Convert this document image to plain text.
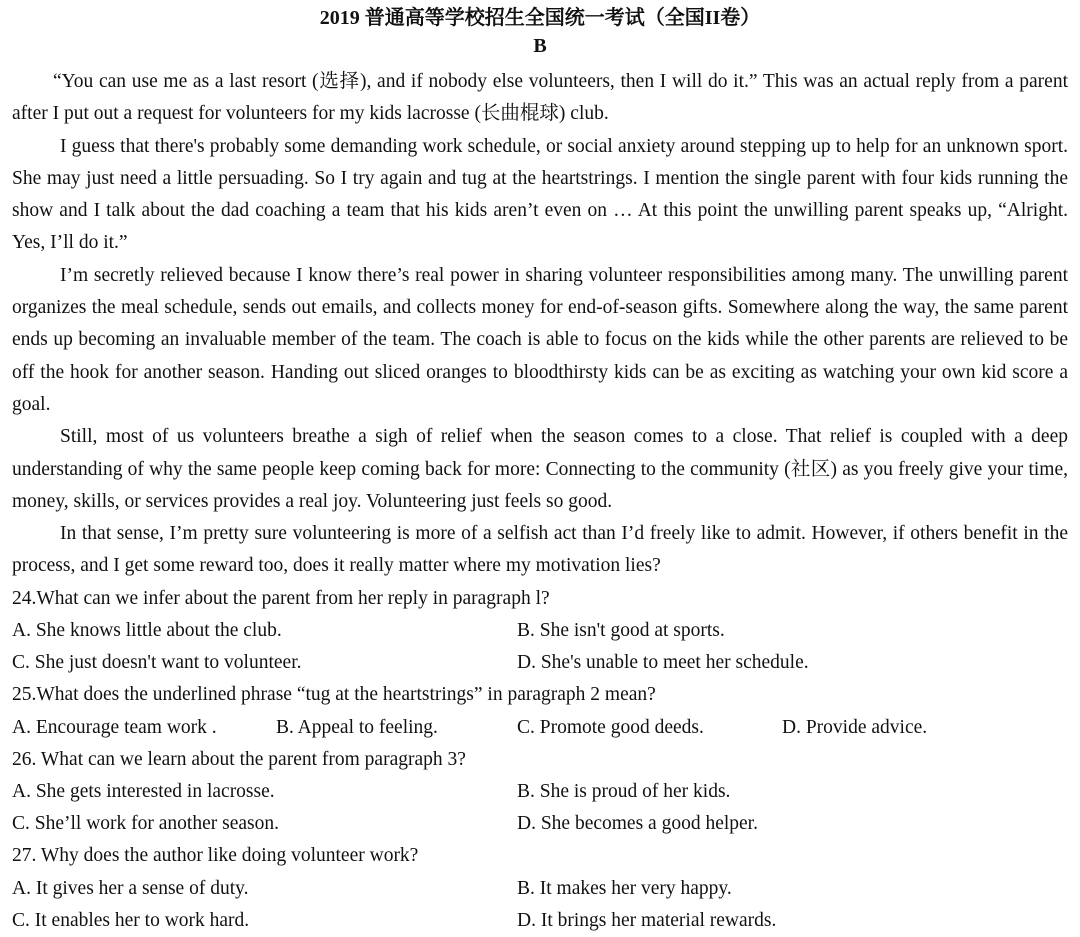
2019 普通高等学校招生全国统一考试（全国II卷）
B

“You can use me as a last resort (选择), and if nobody else volunteers, then I will do it.” This was an actual reply from a parent after I put out a request for volunteers for my kids lacrosse (长曲棍球) club.

I guess that there's probably some demanding work schedule, or social anxiety around stepping up to help for an unknown sport. She may just need a little persuading. So I try again and tug at the heartstrings. I mention the single parent with four kids running the show and I talk about the dad coaching a team that his kids aren’t even on … At this point the unwilling parent speaks up, “Alright. Yes, I’ll do it.”

I’m secretly relieved because I know there’s real power in sharing volunteer responsibilities among many. The unwilling parent organizes the meal schedule, sends out emails, and collects money for end-of-season gifts. Somewhere along the way, the same parent ends up becoming an invaluable member of the team. The coach is able to focus on the kids while the other parents are relieved to be off the hook for another season. Handing out sliced oranges to bloodthirsty kids can be as exciting as watching your own kid score a goal.

Still, most of us volunteers breathe a sigh of relief when the season comes to a close. That relief is coupled with a deep understanding of why the same people keep coming back for more: Connecting to the community (社区) as you freely give your time, money, skills, or services provides a real joy. Volunteering just feels so good.

In that sense, I’m pretty sure volunteering is more of a selfish act than I’d freely like to admit. However, if others benefit in the process, and I get some reward too, does it really matter where my motivation lies?

24.What can we infer about the parent from her reply in paragraph l?
A. She knows little about the club.	B. She isn't good at sports.
C. She just doesn't want to volunteer.	D. She's unable to meet her schedule.
25.What does the underlined phrase “tug at the heartstrings” in paragraph 2 mean?
A. Encourage team work .	B. Appeal to feeling.	C. Promote good deeds.	D. Provide advice.
26. What can we learn about the parent from paragraph 3?
A. She gets interested in lacrosse.	B. She is proud of her kids.
C. She’ll work for another season.	D. She becomes a good helper.
27. Why does the author like doing volunteer work?
A. It gives her a sense of duty.	B. It makes her very happy.
C. It enables her to work hard.	D. It brings her material rewards.
